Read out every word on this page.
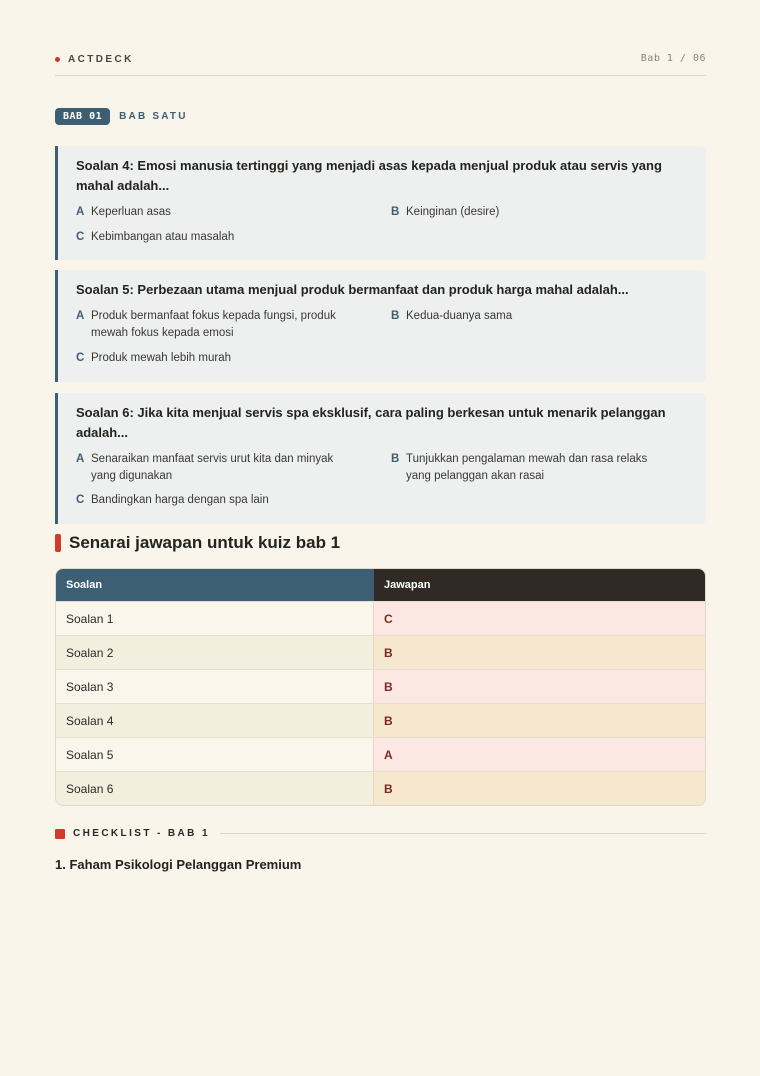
ACTDECK	Bab 1 / 06
BAB 01	BAB SATU
Soalan 4: Emosi manusia tertinggi yang menjadi asas kepada menjual produk atau servis yang mahal adalah...
A Keperluan asas	B Keinginan (desire)
C Kebimbangan atau masalah
Soalan 5: Perbezaan utama menjual produk bermanfaat dan produk harga mahal adalah...
A Produk bermanfaat fokus kepada fungsi, produk mewah fokus kepada emosi
B Kedua-duanya sama
C Produk mewah lebih murah
Soalan 6: Jika kita menjual servis spa eksklusif, cara paling berkesan untuk menarik pelanggan adalah...
A Senaraikan manfaat servis urut kita dan minyak yang digunakan
B Tunjukkan pengalaman mewah dan rasa relaks yang pelanggan akan rasai
C Bandingkan harga dengan spa lain
Senarai jawapan untuk kuiz bab 1
Soalan	Jawapan
Soalan 1	C
Soalan 2	B
Soalan 3	B
Soalan 4	B
Soalan 5	A
Soalan 6	B
CHECKLIST - BAB 1
1. Faham Psikologi Pelanggan Premium
